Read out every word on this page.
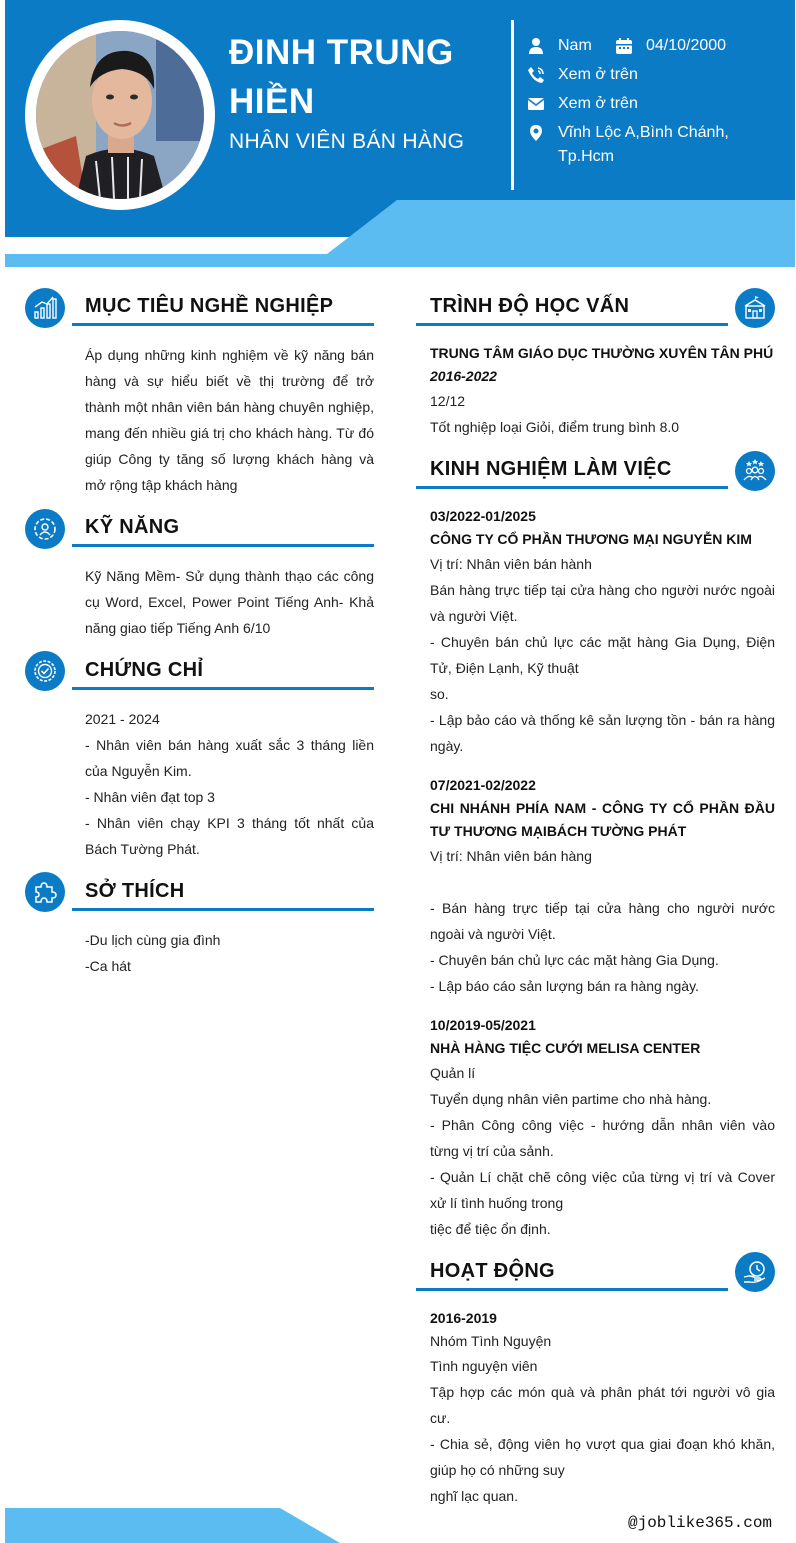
ĐINH TRUNG
HIỀN
NHÂN VIÊN BÁN HÀNG
Nam	04/10/2000
Xem ở trên
Xem ở trên
Vĩnh Lộc A,Bình Chánh, Tp.Hcm
MỤC TIÊU NGHỀ NGHIỆP
Áp dụng những kinh nghiệm về kỹ năng bán hàng và sự hiểu biết về thị trường để trở thành một nhân viên bán hàng chuyên nghiệp, mang đến nhiều giá trị cho khách hàng. Từ đó giúp Công ty tăng số lượng khách hàng và mở rộng tập khách hàng
KỸ NĂNG
Kỹ Năng Mềm- Sử dụng thành thạo các công cụ Word, Excel, Power Point Tiếng Anh- Khả năng giao tiếp Tiếng Anh 6/10
CHỨNG CHỈ
2021 - 2024
- Nhân viên bán hàng xuất sắc 3 tháng liền của Nguyễn Kim.
- Nhân viên đạt top 3
- Nhân viên chạy KPI 3 tháng tốt nhất của Bách Tường Phát.
SỞ THÍCH
-Du lịch cùng gia đình
-Ca hát
TRÌNH ĐỘ HỌC VẤN
TRUNG TÂM GIÁO DỤC THƯỜNG XUYÊN TÂN PHÚ
2016-2022
12/12
Tốt nghiệp loại Giỏi, điểm trung bình 8.0
KINH NGHIỆM LÀM VIỆC
03/2022-01/2025
CÔNG TY CỔ PHẦN THƯƠNG MẠI NGUYỄN KIM
Vị trí: Nhân viên bán hành
Bán hàng trực tiếp tại cửa hàng cho người nước ngoài và người Việt.
- Chuyên bán chủ lực các mặt hàng Gia Dụng, Điện Tử, Điện Lạnh, Kỹ thuật
so.
- Lập bảo cáo và thống kê sản lượng tồn - bán ra hàng ngày.
07/2021-02/2022
CHI NHÁNH PHÍA NAM - CÔNG TY CỔ PHẦN ĐẦU TƯ THƯƠNG MẠIBÁCH TƯỜNG PHÁT
Vị trí: Nhân viên bán hàng
- Bán hàng trực tiếp tại cửa hàng cho người nước ngoài và người Việt.
- Chuyên bán chủ lực các mặt hàng Gia Dụng.
- Lập báo cáo sản lượng bán ra hàng ngày.
10/2019-05/2021
NHÀ HÀNG TIỆC CƯỚI MELISA CENTER
Quản lí
Tuyển dụng nhân viên partime cho nhà hàng.
- Phân Công công việc - hướng dẫn nhân viên vào từng vị trí của sảnh.
- Quản Lí chặt chẽ công việc của từng vị trí và Cover xử lí tình huống trong
tiệc để tiệc ổn định.
HOẠT ĐỘNG
2016-2019
Nhóm Tình Nguyện
Tình nguyện viên
Tập hợp các món quà và phân phát tới người vô gia cư.
- Chia sẻ, động viên họ vượt qua giai đoạn khó khăn, giúp họ có những suy
nghĩ lạc quan.
@joblike365.com
